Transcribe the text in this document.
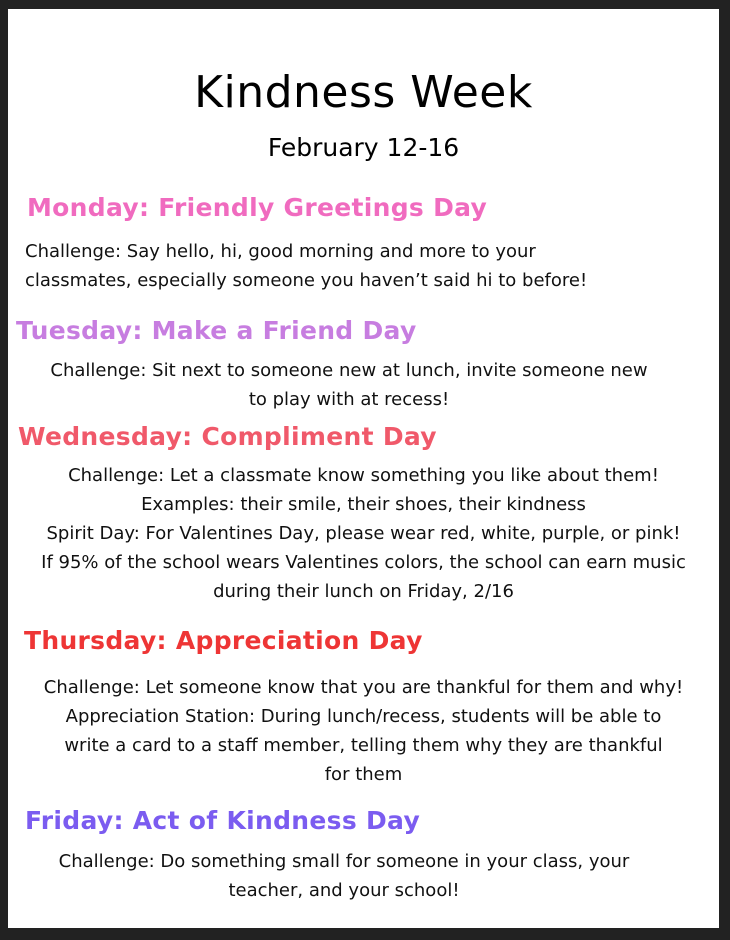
Kindness Week
February 12-16
Monday: Friendly Greetings Day
Challenge: Say hello, hi, good morning and more to your
classmates, especially someone you haven’t said hi to before!
Tuesday: Make a Friend Day
Challenge: Sit next to someone new at lunch, invite someone new
to play with at recess!
Wednesday: Compliment Day
Challenge: Let a classmate know something you like about them!
Examples: their smile, their shoes, their kindness
Spirit Day: For Valentines Day, please wear red, white, purple, or pink!
If 95% of the school wears Valentines colors, the school can earn music
during their lunch on Friday, 2/16
Thursday: Appreciation Day
Challenge: Let someone know that you are thankful for them and why!
Appreciation Station: During lunch/recess, students will be able to
write a card to a staff member, telling them why they are thankful
for them
Friday: Act of Kindness Day
Challenge: Do something small for someone in your class, your
teacher, and your school!
